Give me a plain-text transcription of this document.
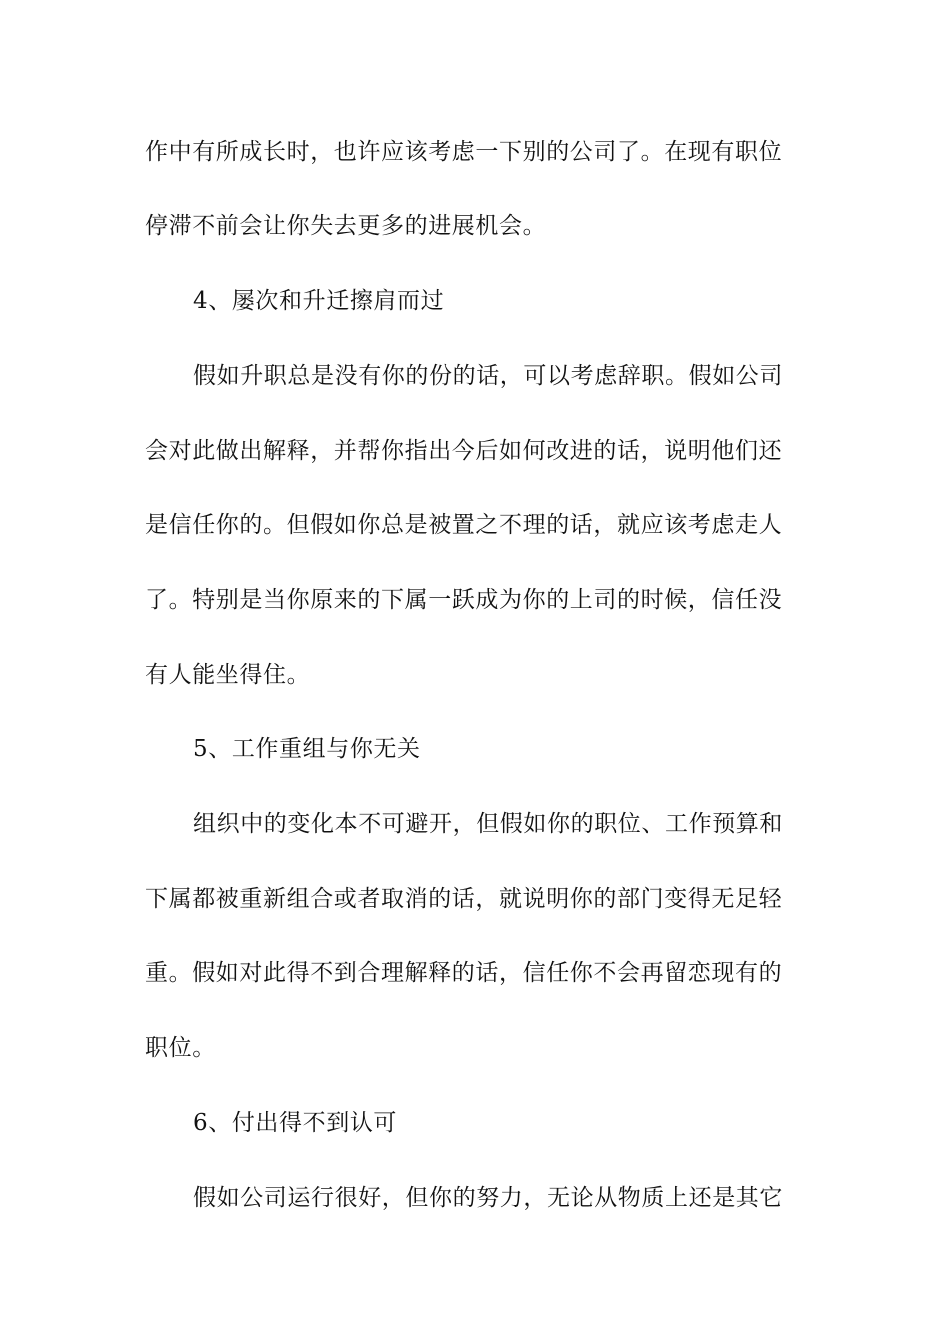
作中有所成长时，也许应该考虑一下别的公司了。在现有职位
停滞不前会让你失去更多的进展机会。
4、屡次和升迁擦肩而过
假如升职总是没有你的份的话，可以考虑辞职。假如公司
会对此做出解释，并帮你指出今后如何改进的话，说明他们还
是信任你的。但假如你总是被置之不理的话，就应该考虑走人
了。特别是当你原来的下属一跃成为你的上司的时候，信任没
有人能坐得住。
5、工作重组与你无关
组织中的变化本不可避开，但假如你的职位、工作预算和
下属都被重新组合或者取消的话，就说明你的部门变得无足轻
重。假如对此得不到合理解释的话，信任你不会再留恋现有的
职位。
6、付出得不到认可
假如公司运行很好，但你的努力，无论从物质上还是其它
